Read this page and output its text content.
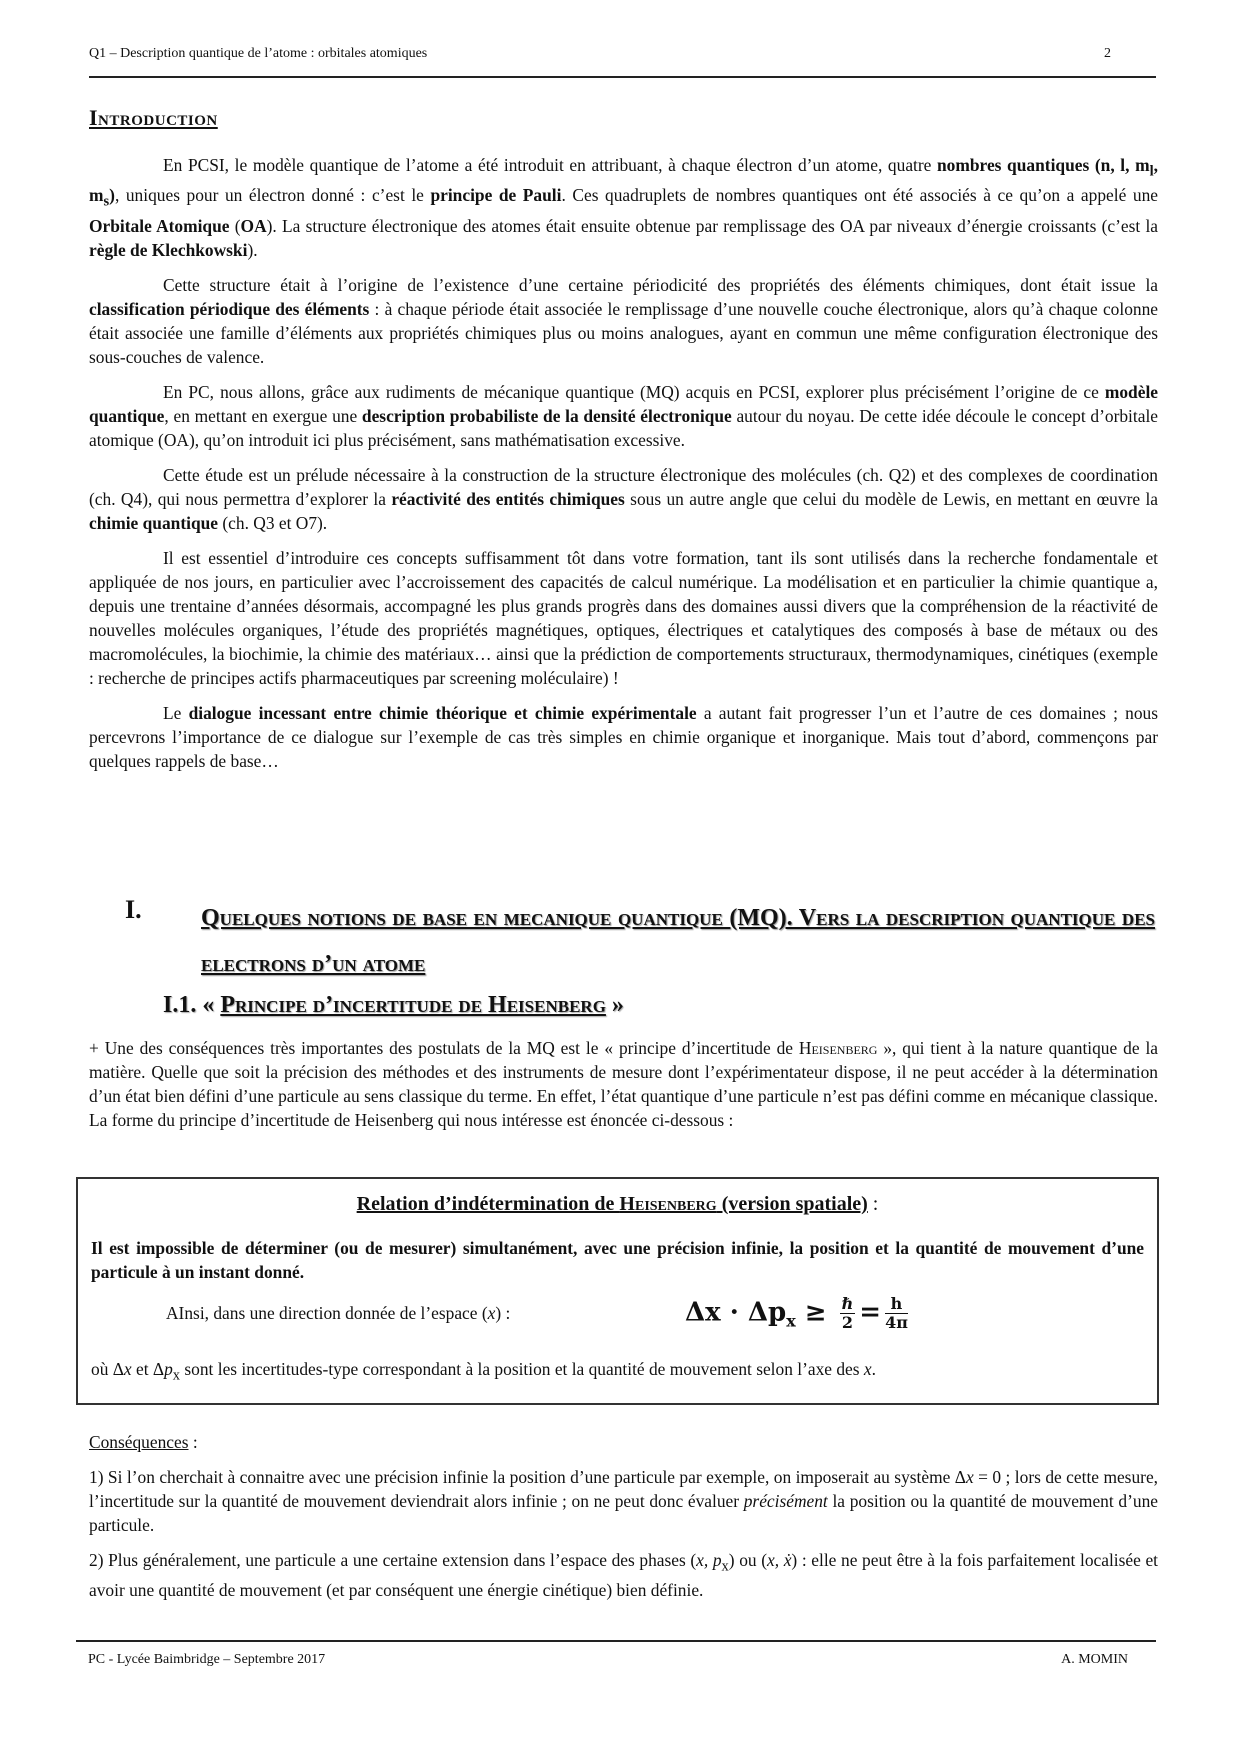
Q1 – Description quantique de l’atome : orbitales atomiques	2
Introduction

En PCSI, le modèle quantique de l’atome a été introduit en attribuant, à chaque électron d’un atome, quatre nombres quantiques (n, l, $m_l$, $m_s$), uniques pour un électron donné : c’est le principe de Pauli. Ces quadruplets de nombres quantiques ont été associés à ce qu’on a appelé une Orbitale Atomique (OA). La structure électronique des atomes était ensuite obtenue par remplissage des OA par niveaux d’énergie croissants (c’est la règle de Klechkowski).

Cette structure était à l’origine de l’existence d’une certaine périodicité des propriétés des éléments chimiques, dont était issue la classification périodique des éléments : à chaque période était associée le remplissage d’une nouvelle couche électronique, alors qu’à chaque colonne était associée une famille d’éléments aux propriétés chimiques plus ou moins analogues, ayant en commun une même configuration électronique des sous-couches de valence.

En PC, nous allons, grâce aux rudiments de mécanique quantique (MQ) acquis en PCSI, explorer plus précisément l’origine de ce modèle quantique, en mettant en exergue une description probabiliste de la densité électronique autour du noyau. De cette idée découle le concept d’orbitale atomique (OA), qu’on introduit ici plus précisément, sans mathématisation excessive.

Cette étude est un prélude nécessaire à la construction de la structure électronique des molécules (ch. Q2) et des complexes de coordination (ch. Q4), qui nous permettra d’explorer la réactivité des entités chimiques sous un autre angle que celui du modèle de Lewis, en mettant en œuvre la chimie quantique (ch. Q3 et O7).

Il est essentiel d’introduire ces concepts suffisamment tôt dans votre formation, tant ils sont utilisés dans la recherche fondamentale et appliquée de nos jours, en particulier avec l’accroissement des capacités de calcul numérique. La modélisation et en particulier la chimie quantique a, depuis une trentaine d’années désormais, accompagné les plus grands progrès dans des domaines aussi divers que la compréhension de la réactivité de nouvelles molécules organiques, l’étude des propriétés magnétiques, optiques, électriques et catalytiques des composés à base de métaux ou des macromolécules, la biochimie, la chimie des matériaux… ainsi que la prédiction de comportements structuraux, thermodynamiques, cinétiques (exemple : recherche de principes actifs pharmaceutiques par screening moléculaire) !

Le dialogue incessant entre chimie théorique et chimie expérimentale a autant fait progresser l’un et l’autre de ces domaines ; nous percevrons l’importance de ce dialogue sur l’exemple de cas très simples en chimie organique et inorganique. Mais tout d’abord, commençons par quelques rappels de base…

I. Quelques notions de base en mecanique quantique (MQ). Vers la description quantique des electrons d’un atome
I.1. « Principe d’incertitude de Heisenberg »

+ Une des conséquences très importantes des postulats de la MQ est le « principe d’incertitude de Heisenberg », qui tient à la nature quantique de la matière. Quelle que soit la précision des méthodes et des instruments de mesure dont l’expérimentateur dispose, il ne peut accéder à la détermination d’un état bien défini d’une particule au sens classique du terme. En effet, l’état quantique d’une particule n’est pas défini comme en mécanique classique. La forme du principe d’incertitude de Heisenberg qui nous intéresse est énoncée ci-dessous :

Relation d’indétermination de Heisenberg (version spatiale) :
Il est impossible de déterminer (ou de mesurer) simultanément, avec une précision infinie, la position et la quantité de mouvement d’une particule à un instant donné.
AInsi, dans une direction donnée de l’espace (x) :	$\Delta x \cdot \Delta p_x \ge \frac{\text{ℏ}}{2} = \frac{h}{4\pi}$
où Δx et $\Delta p_x$ sont les incertitudes-type correspondant à la position et la quantité de mouvement selon l’axe des x.

Conséquences :

1) Si l’on cherchait à connaitre avec une précision infinie la position d’une particule par exemple, on imposerait au système Δx = 0 ; lors de cette mesure, l’incertitude sur la quantité de mouvement deviendrait alors infinie ; on ne peut donc évaluer précisément la position ou la quantité de mouvement d’une particule.

2) Plus généralement, une particule a une certaine extension dans l’espace des phases (x, $p_x$) ou (x, ẋ) : elle ne peut être à la fois parfaitement localisée et avoir une quantité de mouvement (et par conséquent une énergie cinétique) bien définie.

PC - Lycée Baimbridge – Septembre 2017	A. MOMIN
